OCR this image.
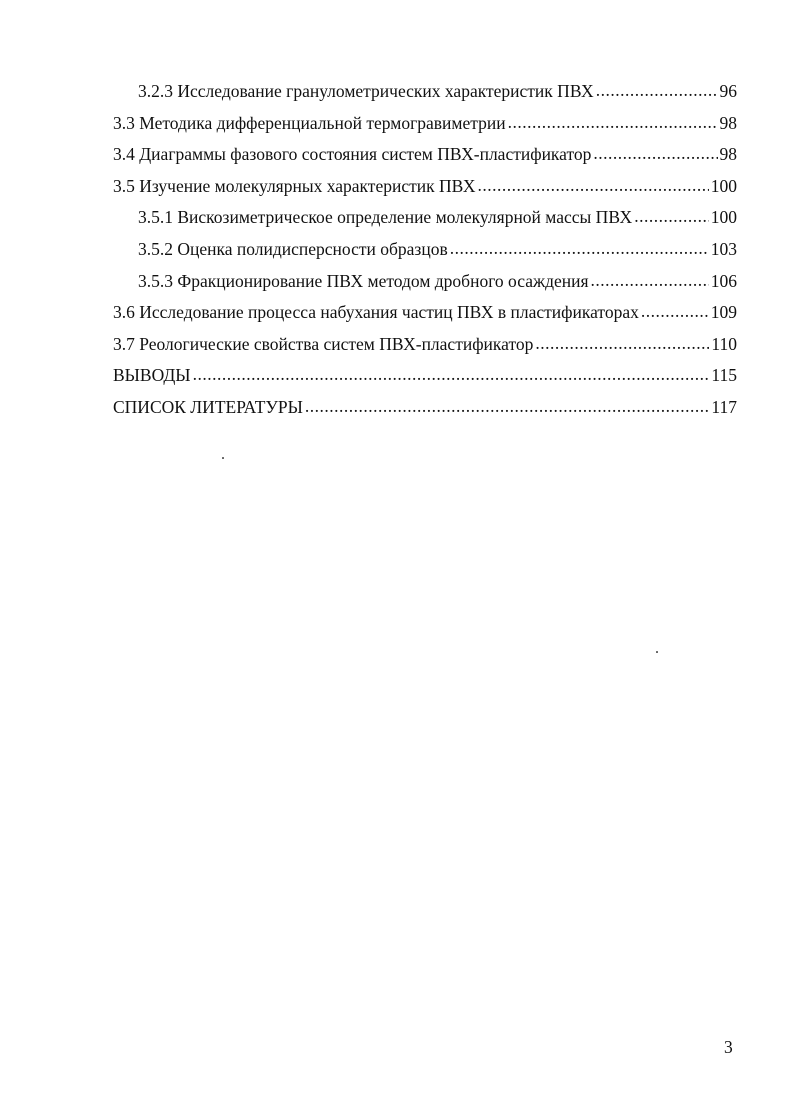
3.2.3 Исследование гранулометрических характеристик ПВХ .....	96
3.3 Методика дифференциальной термогравиметрии .....	98
3.4 Диаграммы фазового состояния систем ПВХ-пластификатор .....	98
3.5 Изучение молекулярных характеристик ПВХ .....	100
3.5.1 Вискозиметрическое определение молекулярной массы ПВХ .....	100
3.5.2 Оценка полидисперсности образцов .....	103
3.5.3 Фракционирование ПВХ методом дробного осаждения .....	106
3.6 Исследование процесса набухания частиц ПВХ в пластификаторах .....	109
3.7 Реологические свойства систем ПВХ-пластификатор .....	110
ВЫВОДЫ .....	115
СПИСОК ЛИТЕРАТУРЫ .....	117
3
